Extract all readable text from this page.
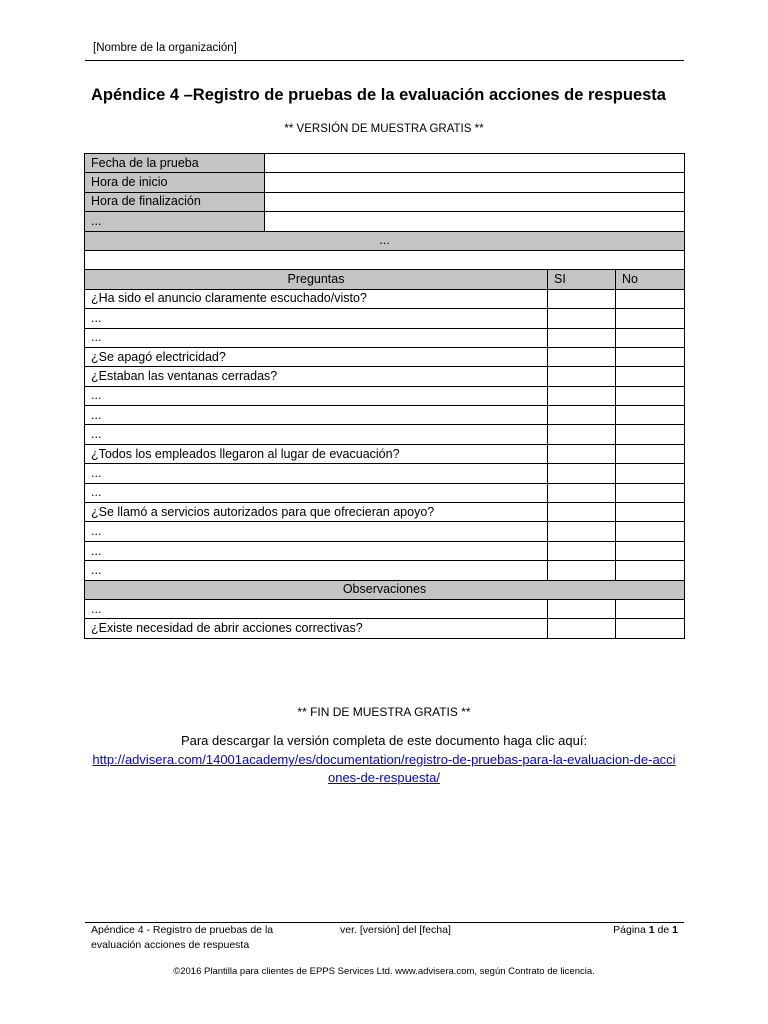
[Nombre de la organización]
Apéndice 4 –Registro de pruebas de la evaluación acciones de respuesta
** VERSIÓN DE MUESTRA GRATIS **
Fecha de la prueba			
Hora de inicio			
Hora de finalización			
...			
...			

Preguntas		SI	No
¿Ha sido el anuncio claramente escuchado/visto?			
...			
...			
¿Se apagó electricidad?			
¿Estaban las ventanas cerradas?			
...			
...			
...			
¿Todos los empleados llegaron al lugar de evacuación?			
...			
...			
¿Se llamó a servicios autorizados para que ofrecieran apoyo?			
...			
...			
...			
Observaciones			
...			
¿Existe necesidad de abrir acciones correctivas?			
** FIN DE MUESTRA GRATIS **
Para descargar la versión completa de este documento haga clic aquí:
http://advisera.com/14001academy/es/documentation/registro-de-pruebas-para-la-evaluacion-de-acciones-de-respuesta/
Apéndice 4 - Registro de pruebas de la evaluación acciones de respuesta
ver. [versión] del [fecha]	Página 1 de 1
©2016 Plantilla para clientes de EPPS Services Ltd. www.advisera.com, según Contrato de licencia.
